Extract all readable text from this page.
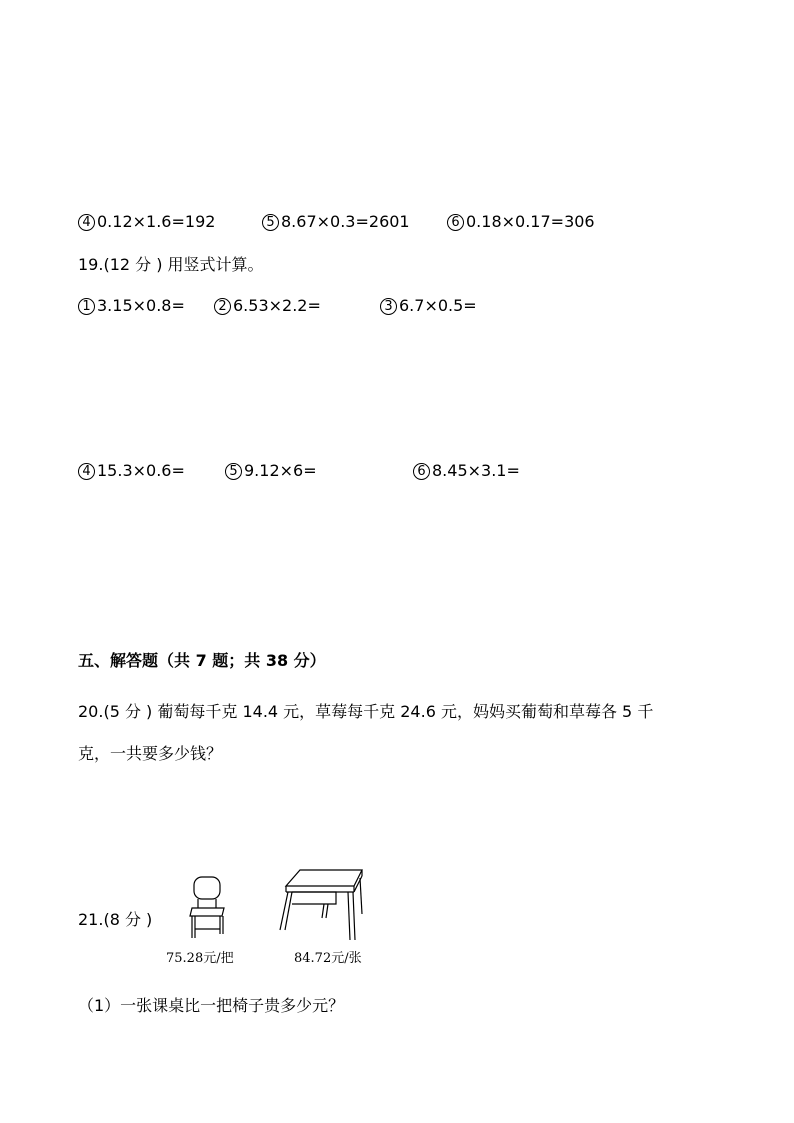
4 0.12×1.6=192	5 8.67×0.3=2601	6 0.18×0.17=306
19.(12 分 ) 用竖式计算。
1 3.15×0.8=	2 6.53×2.2=	3 6.7×0.5=
4 15.3×0.6=	5 9.12×6=	6 8.45×3.1=
五、解答题（共 7 题；共 38 分）
20.(5 分 ) 葡萄每千克 14.4 元，草莓每千克 24.6 元，妈妈买葡萄和草莓各 5 千
克，一共要多少钱？
21.(8 分 )
75.28元/把	84.72元/张
（1）一张课桌比一把椅子贵多少元？
